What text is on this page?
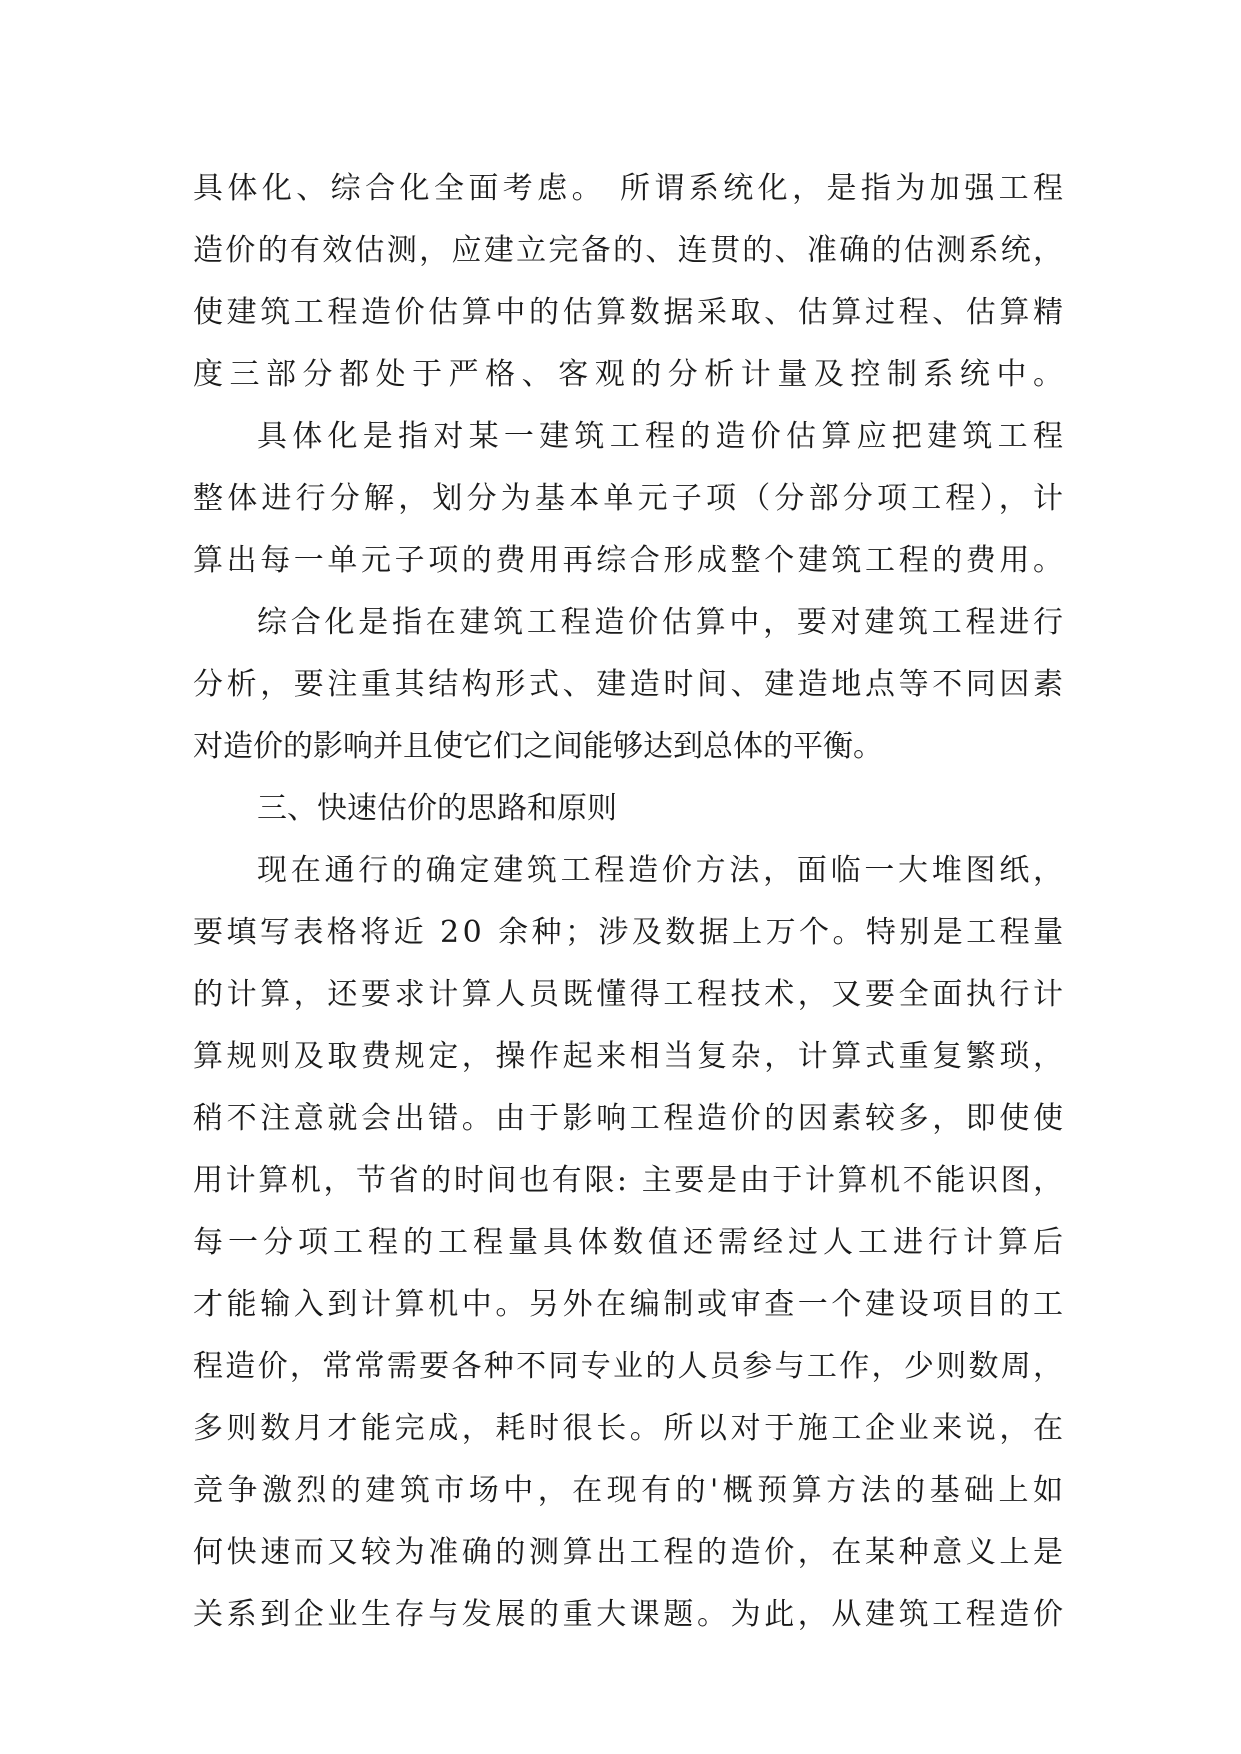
具体化、综合化全面考虑。 所谓系统化，是指为加强工程
造价的有效估测，应建立完备的、连贯的、准确的估测系统，
使建筑工程造价估算中的估算数据采取、估算过程、估算精
度三部分都处于严格、客观的分析计量及控制系统中。
具体化是指对某一建筑工程的造价估算应把建筑工程
整体进行分解，划分为基本单元子项（分部分项工程），计
算出每一单元子项的费用再综合形成整个建筑工程的费用。
综合化是指在建筑工程造价估算中，要对建筑工程进行
分析，要注重其结构形式、建造时间、建造地点等不同因素
对造价的影响并且使它们之间能够达到总体的平衡。
三、快速估价的思路和原则
现在通行的确定建筑工程造价方法，面临一大堆图纸，
要填写表格将近 20 余种；涉及数据上万个。特别是工程量
的计算，还要求计算人员既懂得工程技术，又要全面执行计
算规则及取费规定，操作起来相当复杂，计算式重复繁琐，
稍不注意就会出错。由于影响工程造价的因素较多，即使使
用计算机，节省的时间也有限: 主要是由于计算机不能识图，
每一分项工程的工程量具体数值还需经过人工进行计算后
才能输入到计算机中。另外在编制或审查一个建设项目的工
程造价，常常需要各种不同专业的人员参与工作，少则数周，
多则数月才能完成，耗时很长。所以对于施工企业来说，在
竞争激烈的建筑市场中，在现有的'概预算方法的基础上如
何快速而又较为准确的测算出工程的造价，在某种意义上是
关系到企业生存与发展的重大课题。为此，从建筑工程造价
